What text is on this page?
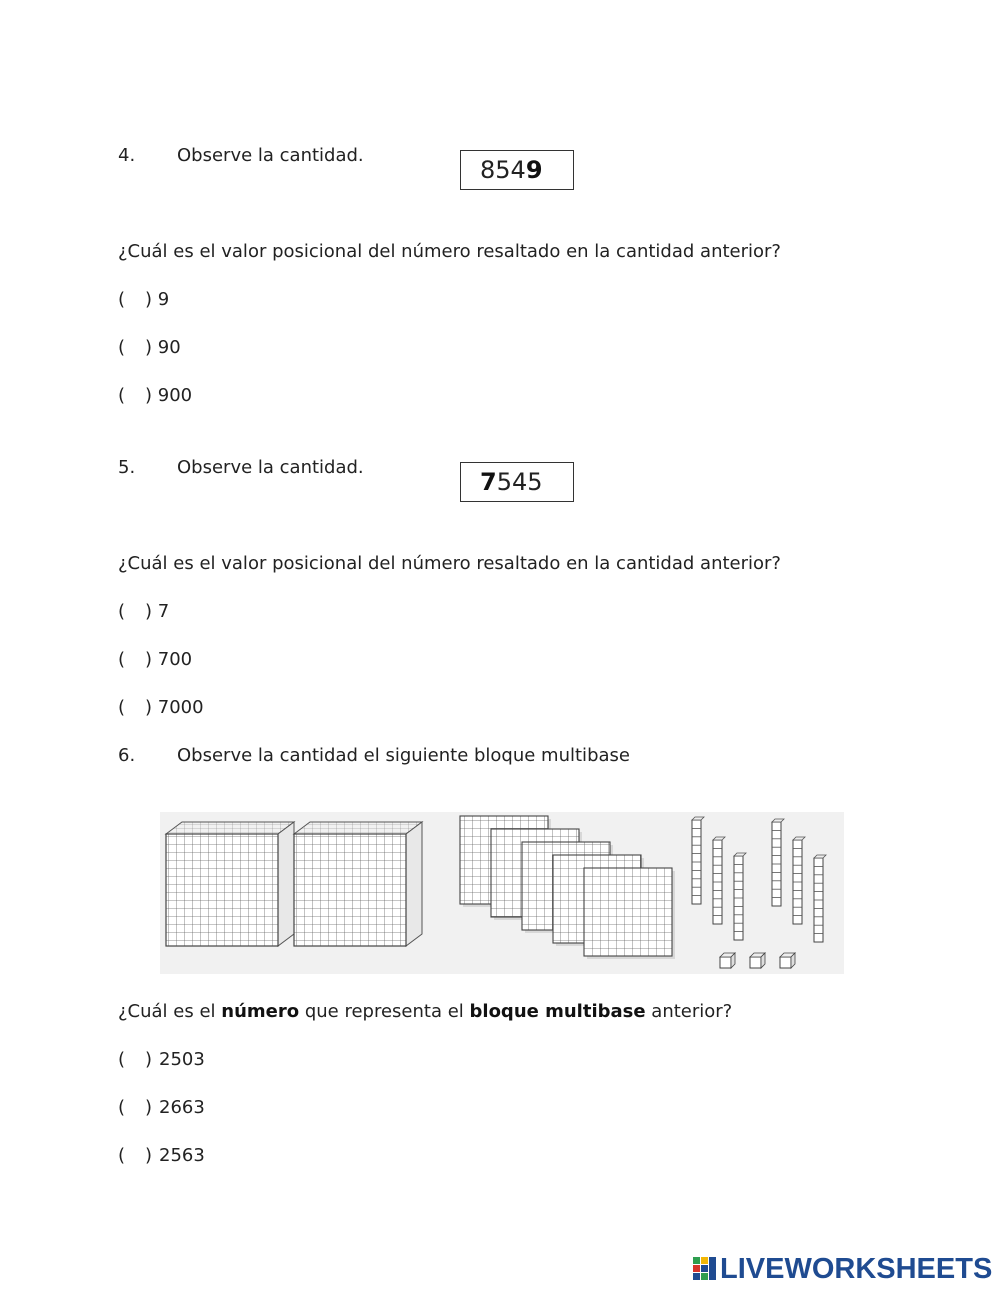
4. Observe la cantidad.
8549
¿Cuál es el valor posicional del número resaltado en la cantidad anterior?
( ) 9
( ) 90
( ) 900
5. Observe la cantidad.
7545
¿Cuál es el valor posicional del número resaltado en la cantidad anterior?
( ) 7
( ) 700
( ) 7000
6. Observe la cantidad el siguiente bloque multibase
¿Cuál es el número que representa el bloque multibase anterior?
( ) 2503
( ) 2663
( ) 2563
LIVEWORKSHEETS
